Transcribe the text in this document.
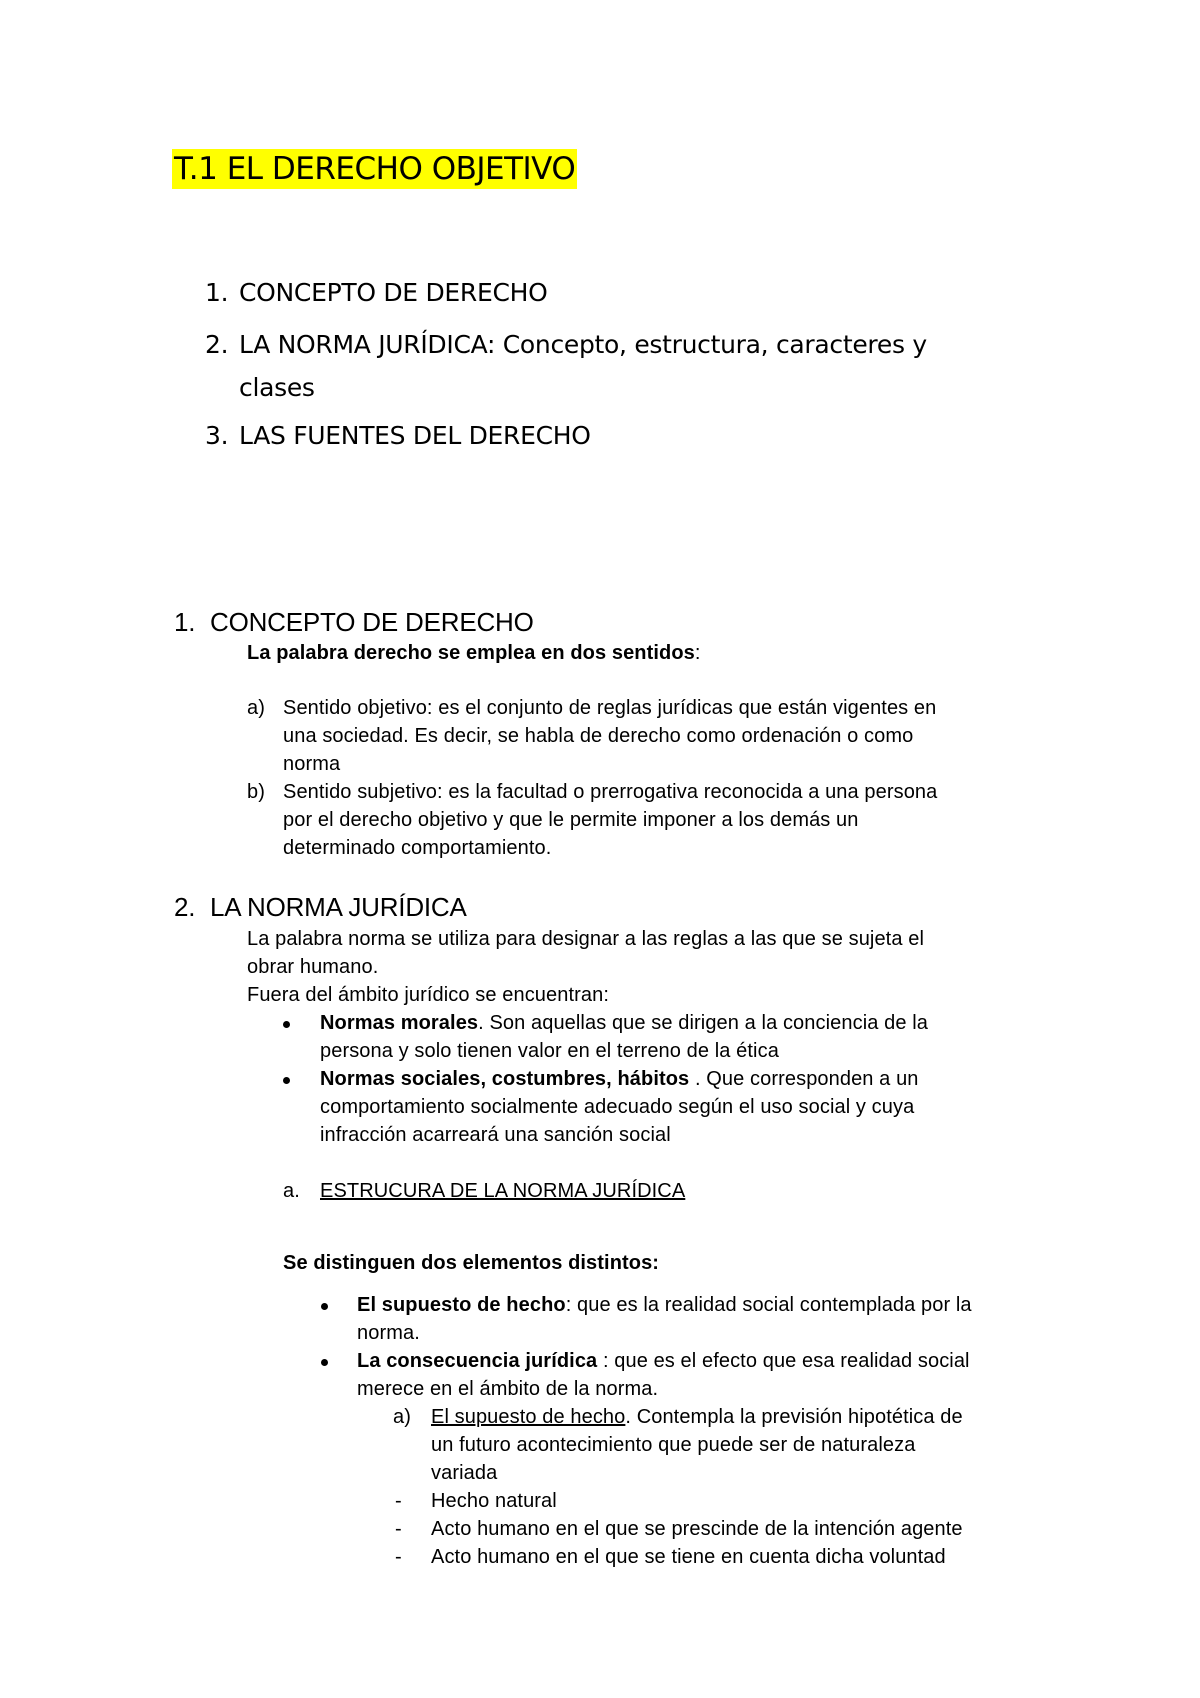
T.1 EL DERECHO OBJETIVO
1. CONCEPTO DE DERECHO
2. LA NORMA JURÍDICA: Concepto, estructura, caracteres y
clases
3. LAS FUENTES DEL DERECHO
1. CONCEPTO DE DERECHO
La palabra derecho se emplea en dos sentidos:
a) Sentido objetivo: es el conjunto de reglas jurídicas que están vigentes en
una sociedad. Es decir, se habla de derecho como ordenación o como
norma
b) Sentido subjetivo: es la facultad o prerrogativa reconocida a una persona
por el derecho objetivo y que le permite imponer a los demás un
determinado comportamiento.
2. LA NORMA JURÍDICA
La palabra norma se utiliza para designar a las reglas a las que se sujeta el
obrar humano.
Fuera del ámbito jurídico se encuentran:
Normas morales. Son aquellas que se dirigen a la conciencia de la
persona y solo tienen valor en el terreno de la ética
Normas sociales, costumbres, hábitos . Que corresponden a un
comportamiento socialmente adecuado según el uso social y cuya
infracción acarreará una sanción social
a. ESTRUCURA DE LA NORMA JURÍDICA
Se distinguen dos elementos distintos:
El supuesto de hecho: que es la realidad social contemplada por la
norma.
La consecuencia jurídica : que es el efecto que esa realidad social
merece en el ámbito de la norma.
a) El supuesto de hecho. Contempla la previsión hipotética de
un futuro acontecimiento que puede ser de naturaleza
variada
- Hecho natural
- Acto humano en el que se prescinde de la intención agente
- Acto humano en el que se tiene en cuenta dicha voluntad
